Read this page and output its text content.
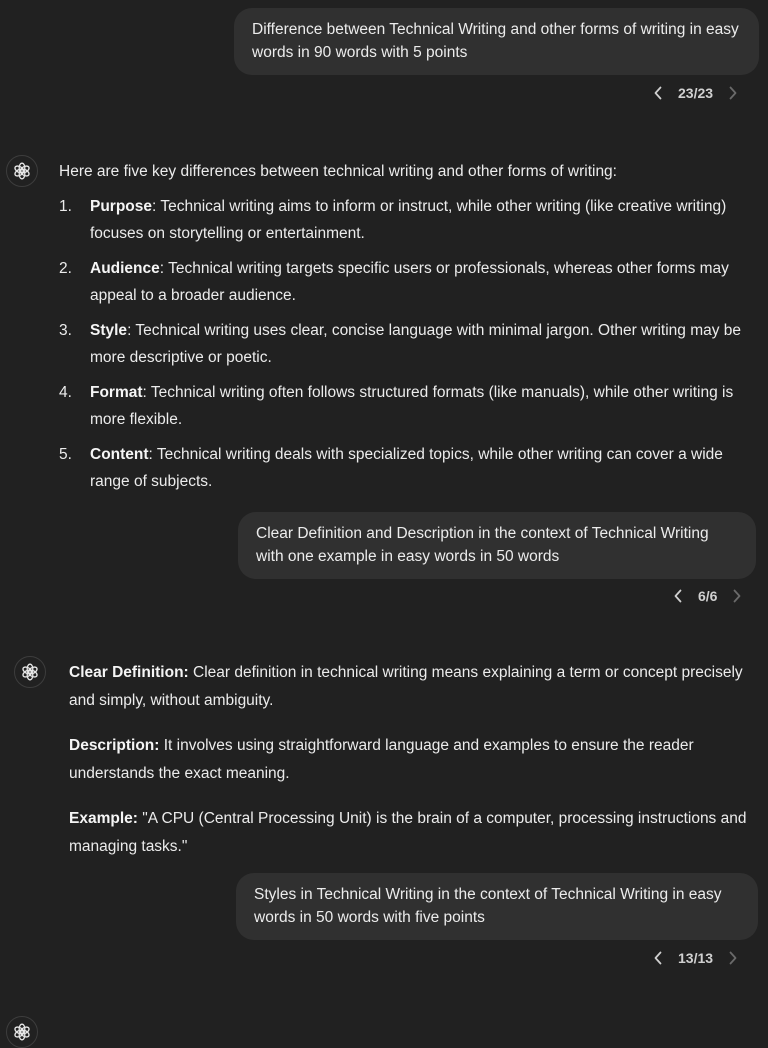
Difference between Technical Writing and other forms of writing in easy words in 90 words with 5 points
23/23

Here are five key differences between technical writing and other forms of writing:

1. Purpose: Technical writing aims to inform or instruct, while other writing (like creative writing) focuses on storytelling or entertainment.
2. Audience: Technical writing targets specific users or professionals, whereas other forms may appeal to a broader audience.
3. Style: Technical writing uses clear, concise language with minimal jargon. Other writing may be more descriptive or poetic.
4. Format: Technical writing often follows structured formats (like manuals), while other writing is more flexible.
5. Content: Technical writing deals with specialized topics, while other writing can cover a wide range of subjects.
Clear Definition and Description in the context of Technical Writing with one example in easy words in 50 words
6/6

Clear Definition: Clear definition in technical writing means explaining a term or concept precisely and simply, without ambiguity.

Description: It involves using straightforward language and examples to ensure the reader understands the exact meaning.

Example: "A CPU (Central Processing Unit) is the brain of a computer, processing instructions and managing tasks."

Styles in Technical Writing in the context of Technical Writing in easy words in 50 words with five points
13/13
